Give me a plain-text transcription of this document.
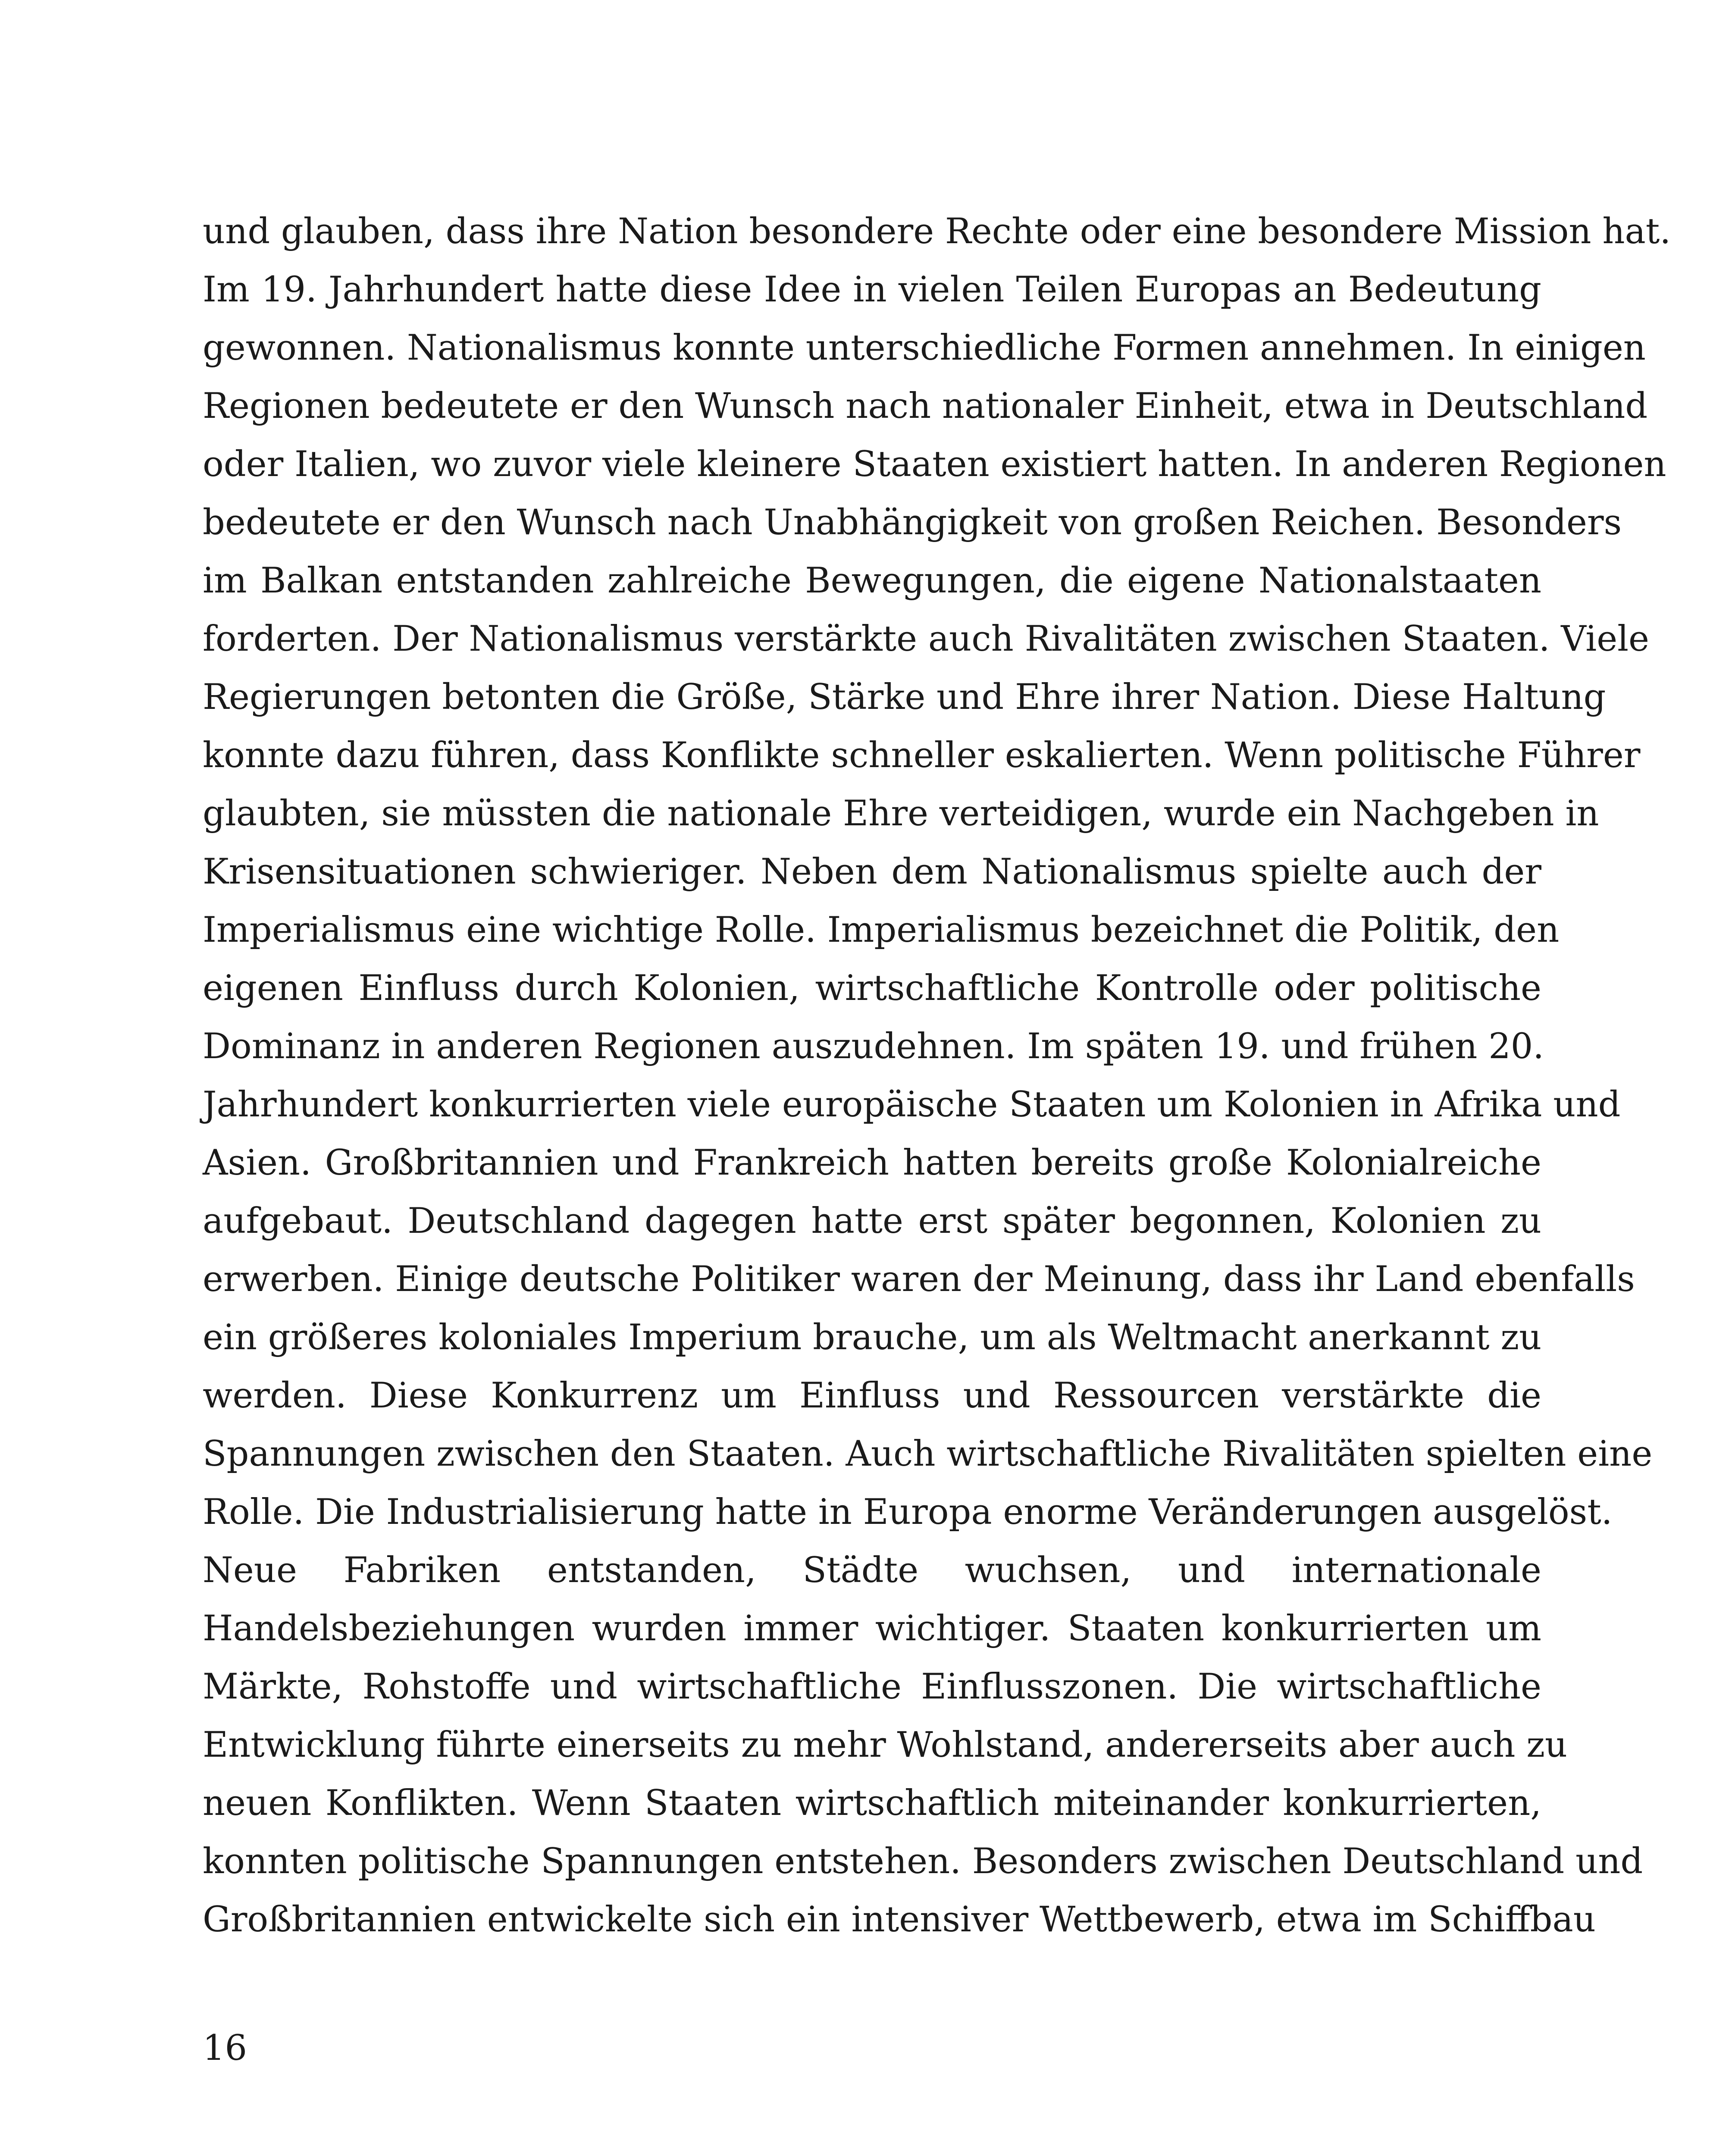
und glauben, dass ihre Nation besondere Rechte oder eine besondere Mission hat.
Im 19. Jahrhundert hatte diese Idee in vielen Teilen Europas an Bedeutung
gewonnen. Nationalismus konnte unterschiedliche Formen annehmen. In einigen
Regionen bedeutete er den Wunsch nach nationaler Einheit, etwa in Deutschland
oder Italien, wo zuvor viele kleinere Staaten existiert hatten. In anderen Regionen
bedeutete er den Wunsch nach Unabhängigkeit von großen Reichen. Besonders
im Balkan entstanden zahlreiche Bewegungen, die eigene Nationalstaaten
forderten. Der Nationalismus verstärkte auch Rivalitäten zwischen Staaten. Viele
Regierungen betonten die Größe, Stärke und Ehre ihrer Nation. Diese Haltung
konnte dazu führen, dass Konflikte schneller eskalierten. Wenn politische Führer
glaubten, sie müssten die nationale Ehre verteidigen, wurde ein Nachgeben in
Krisensituationen schwieriger. Neben dem Nationalismus spielte auch der
Imperialismus eine wichtige Rolle. Imperialismus bezeichnet die Politik, den
eigenen Einfluss durch Kolonien, wirtschaftliche Kontrolle oder politische
Dominanz in anderen Regionen auszudehnen. Im späten 19. und frühen 20.
Jahrhundert konkurrierten viele europäische Staaten um Kolonien in Afrika und
Asien. Großbritannien und Frankreich hatten bereits große Kolonialreiche
aufgebaut. Deutschland dagegen hatte erst später begonnen, Kolonien zu
erwerben. Einige deutsche Politiker waren der Meinung, dass ihr Land ebenfalls
ein größeres koloniales Imperium brauche, um als Weltmacht anerkannt zu
werden. Diese Konkurrenz um Einfluss und Ressourcen verstärkte die
Spannungen zwischen den Staaten. Auch wirtschaftliche Rivalitäten spielten eine
Rolle. Die Industrialisierung hatte in Europa enorme Veränderungen ausgelöst.
Neue Fabriken entstanden, Städte wuchsen, und internationale
Handelsbeziehungen wurden immer wichtiger. Staaten konkurrierten um
Märkte, Rohstoffe und wirtschaftliche Einflusszonen. Die wirtschaftliche
Entwicklung führte einerseits zu mehr Wohlstand, andererseits aber auch zu
neuen Konflikten. Wenn Staaten wirtschaftlich miteinander konkurrierten,
konnten politische Spannungen entstehen. Besonders zwischen Deutschland und
Großbritannien entwickelte sich ein intensiver Wettbewerb, etwa im Schiffbau

16
